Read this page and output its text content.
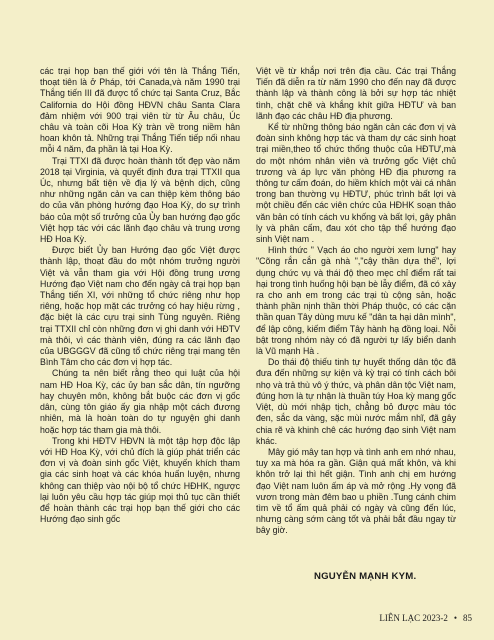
các trại họp bạn thế giới với tên là Thắng Tiến, thoạt tiên là ở Pháp, tới Canada,và năm 1990 trại Thắng tiến III đã được tổ chức tại Santa Cruz, Bắc California do Hội đồng HĐVN châu Santa Clara đảm nhiệm với 900 trại viên từ từ Âu châu, Úc châu và toàn cõi Hoa Kỳ tràn về trong niềm hân hoan khôn tả. Những trại Thắng Tiến tiếp nối nhau mỗi 4 năm, đa phần là tại Hoa Kỳ.

Trại TTXI đã được hoàn thành tốt đẹp vào năm 2018 tại Virginia, và quyết định đưa trại TTXII qua Úc, nhưng bất tiện về địa lý và bệnh dịch, cũng như những ngăn cản va can thiệp kèm thông báo do của văn phòng hướng đạo Hoa Kỳ, do sự trình báo của một số trưởng của Ủy ban hướng đạo gốc Việt hợp tác với các lãnh đạo châu và trung ương HĐ Hoa Kỳ.

Được biết Ủy ban Hướng đạo gốc Việt được thành lập, thoạt đầu do một nhóm trưởng người Việt và vẫn tham gia với Hội đồng trung ương Hướng đạo Việt nam cho đến ngày cả trại họp bạn Thắng tiến XI, với những tổ chức riêng như họp riêng, hoặc họp mặt các trưởng có hay hiệu rừng , đặc biệt là các cựu trại sinh Tùng nguyên. Riêng trại TTXII chỉ còn những đơn vị ghi danh với HĐTV mà thôi, vì các thành viên, đúng ra các lãnh đạo của UBGGGV đã cũng tổ chức riêng trại mang tên Bình Tâm cho các đơn vị hợp tác.

Chúng ta nên biết rằng theo qui luật của hội nam HĐ Hoa Kỳ, các ủy ban sắc dân, tín ngưỡng hay chuyên môn, không bắt buộc các đơn vị gốc dân, cùng tôn giáo ấy gia nhập một cách đương nhiên, mà là hoàn toàn do tự nguyện ghi danh hoặc hợp tác tham gia mà thôi.

Trong khi HĐTV HĐVN là một tập hợp độc lập với HĐ Hoa Kỳ, với chủ đích là giúp phát triển các đơn vị và đoàn sinh gốc Việt, khuyến khích tham gia các sinh hoạt và các khóa huấn luyện, nhưng không can thiệp vào nội bộ tổ chức HĐHK, ngược lại luôn yêu cầu hợp tác giúp mọi thủ tục cần thiết để hoàn thành các trại họp bạn thế giới cho các Hướng đạo sinh gốc

Việt về từ khắp nơi trên địa cầu. Các trại Thắng Tiến đã diễn ra từ năm 1990 cho đến nay đã được thành lập và thành công là bởi sự hợp tác nhiệt tình, chặt chẽ và khắng khít giữa HĐTƯ và ban lãnh đạo các châu HĐ địa phương.

Kể từ những thông báo ngăn cản các đơn vị và đoàn sinh không hợp tác và tham dự các sinh hoạt trại miền,theo tổ chức thống thuộc của HĐTƯ,mà do một nhóm nhân viên và trưởng gốc Việt chủ trương và áp lực văn phòng HĐ địa phương ra thông tư cấm đoán, do hiềm khích một vài cá nhân trong ban thường vụ HĐTƯ, phúc trình bất lợi và một chiều đến các viên chức của HĐHK soạn thảo văn bản có tính cách vu khống và bất lợi, gây phân ly và phân cấm, đau xót cho tập thể hướng đạo sinh Việt nam .

Hình thức " Vạch áo cho người xem lưng" hay "Cõng rắn cắn gà nhà ","cậy thần dựa thế", lợi dụng chức vụ và thái độ theo mẹc chỉ điểm rất tai hại trong tình huống hội bạn bè lẫy điểm, đã có xảy ra cho anh em trong các trại tù cộng sản, hoặc thành phần nịnh thần thời Pháp thuộc, có các cặn thần quan Tây dùng mưu kế "dân ta hại dân mình", để lập công, kiếm điểm Tây hành hạ đồng loại. Nỗi bật trong nhóm này có đã người tự lấy biển danh là Vũ mạnh Hà .

Do thái độ thiếu tinh tự huyết thống dân tộc đã đưa đến những sự kiện và kỳ trại có tính cách bôi nhọ và trả thù vô ý thức, và phân dân tộc Việt nam, đúng hơn là tự nhận là thuần túy Hoa kỳ mang gốc Việt, dù mới nhập tịch, chẳng bỏ được màu tóc đen, sắc da vàng, sặc mùi nước mắm nhĩ, đã gây chia rẽ và khinh chê các hướng đạo sinh Việt nam khác.

Mây gió mây tan hợp và tình anh em nhớ nhau, tuy xa mà hóa ra gần. Giận quá mất khôn, và khi khôn trở lại thì hết giận. Tình anh chị em hướng đạo Việt nam luôn ấm áp và mở rộng .Hy vọng đã vươn trong màn đêm bao u phiền .Tung cánh chim tìm về tổ ấm quả phải có ngày và cũng đến lúc, nhưng càng sớm càng tốt và phải bắt đầu ngay từ bây giờ.

NGUYỄN MẠNH KYM.

LIÊN LẠC 2023-2 • 85
